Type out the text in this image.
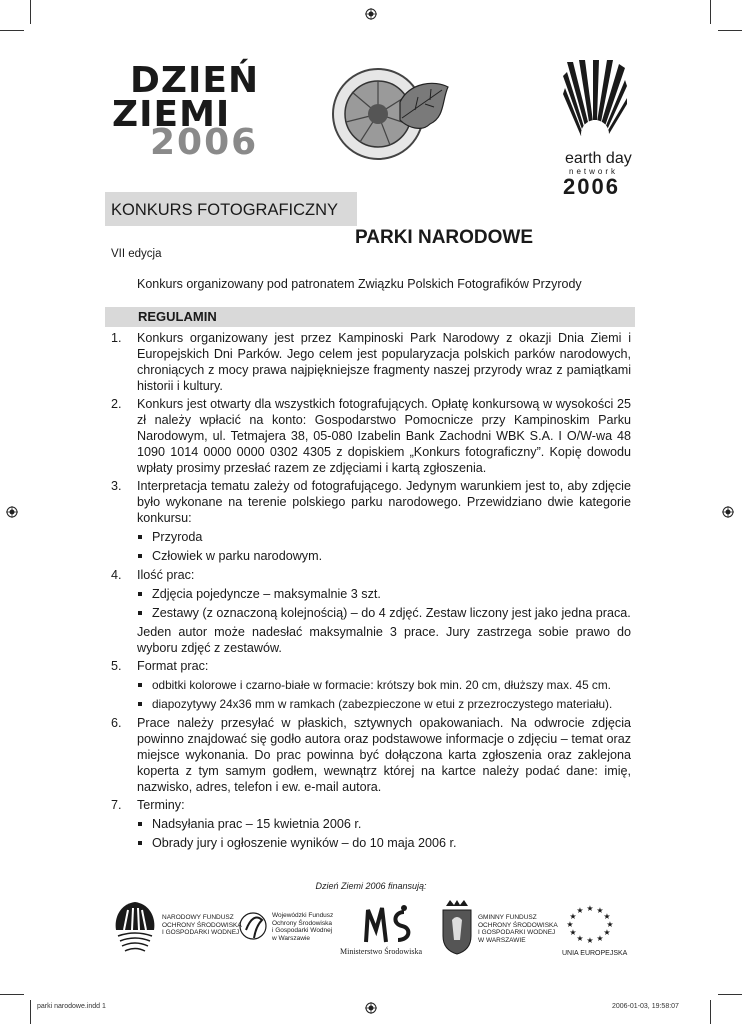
DZIEŃ
ZIEMI
2006	earth day
network
2006
KONKURS FOTOGRAFICZNY
PARKI NARODOWE
VII edycja
Konkurs organizowany pod patronatem Związku Polskich Fotografików Przyrody
REGULAMIN
1. Konkurs organizowany jest przez Kampinoski Park Narodowy z okazji Dnia Ziemi i Europejskich Dni Parków. Jego celem jest popularyzacja polskich parków narodowych, chroniących z mocy prawa najpiękniejsze fragmenty naszej przyrody wraz z pamiątkami historii i kultury.
2. Konkurs jest otwarty dla wszystkich fotografujących. Opłatę konkursową w wysokości 25 zł należy wpłacić na konto: Gospodarstwo Pomocnicze przy Kampinoskim Parku Narodowym, ul. Tetmajera 38, 05-080 Izabelin Bank Zachodni WBK S.A. I O/W-wa 48 1090 1014 0000 0000 0302 4305 z dopiskiem „Konkurs fotograficzny”. Kopię dowodu wpłaty prosimy przesłać razem ze zdjęciami i kartą zgłoszenia.
3. Interpretacja tematu zależy od fotografującego. Jedynym warunkiem jest to, aby zdjęcie było wykonane na terenie polskiego parku narodowego. Przewidziano dwie kategorie konkursu:
Przyroda
Człowiek w parku narodowym.
4. Ilość prac:
Zdjęcia pojedyncze – maksymalnie 3 szt.
Zestawy (z oznaczoną kolejnością) – do 4 zdjęć. Zestaw liczony jest jako jedna praca.
Jeden autor może nadesłać maksymalnie 3 prace. Jury zastrzega sobie prawo do wyboru zdjęć z zestawów.
5. Format prac:
odbitki kolorowe i czarno-białe w formacie: krótszy bok min. 20 cm, dłuższy max. 45 cm.
diapozytywy 24x36 mm w ramkach (zabezpieczone w etui z przezroczystego materiału).
6. Prace należy przesyłać w płaskich, sztywnych opakowaniach. Na odwrocie zdjęcia powinno znajdować się godło autora oraz podstawowe informacje o zdjęciu – temat oraz miejsce wykonania. Do prac powinna być dołączona karta zgłoszenia oraz zaklejona koperta z tym samym godłem, wewnątrz której na kartce należy podać dane: imię, nazwisko, adres, telefon i ew. e-mail autora.
7. Terminy:
Nadsyłania prac – 15 kwietnia 2006 r.
Obrady jury i ogłoszenie wyników – do 10 maja 2006 r.
Dzień Ziemi 2006 finansują:
NARODOWY FUNDUSZ
OCHRONY ŚRODOWISKA
I GOSPODARKI WODNEJ
Wojewódzki Fundusz
Ochrony Środowiska
i Gospodarki Wodnej
w Warszawie
Ministerstwo Środowiska
GMINNY FUNDUSZ
OCHRONY ŚRODOWISKA
I GOSPODARKI WODNEJ
W WARSZAWIE
★ ★
★
★
★
★
★
★
★
★
★
★
UNIA EUROPEJSKA
parki narodowe.indd 1	2006-01-03, 19:58:07
